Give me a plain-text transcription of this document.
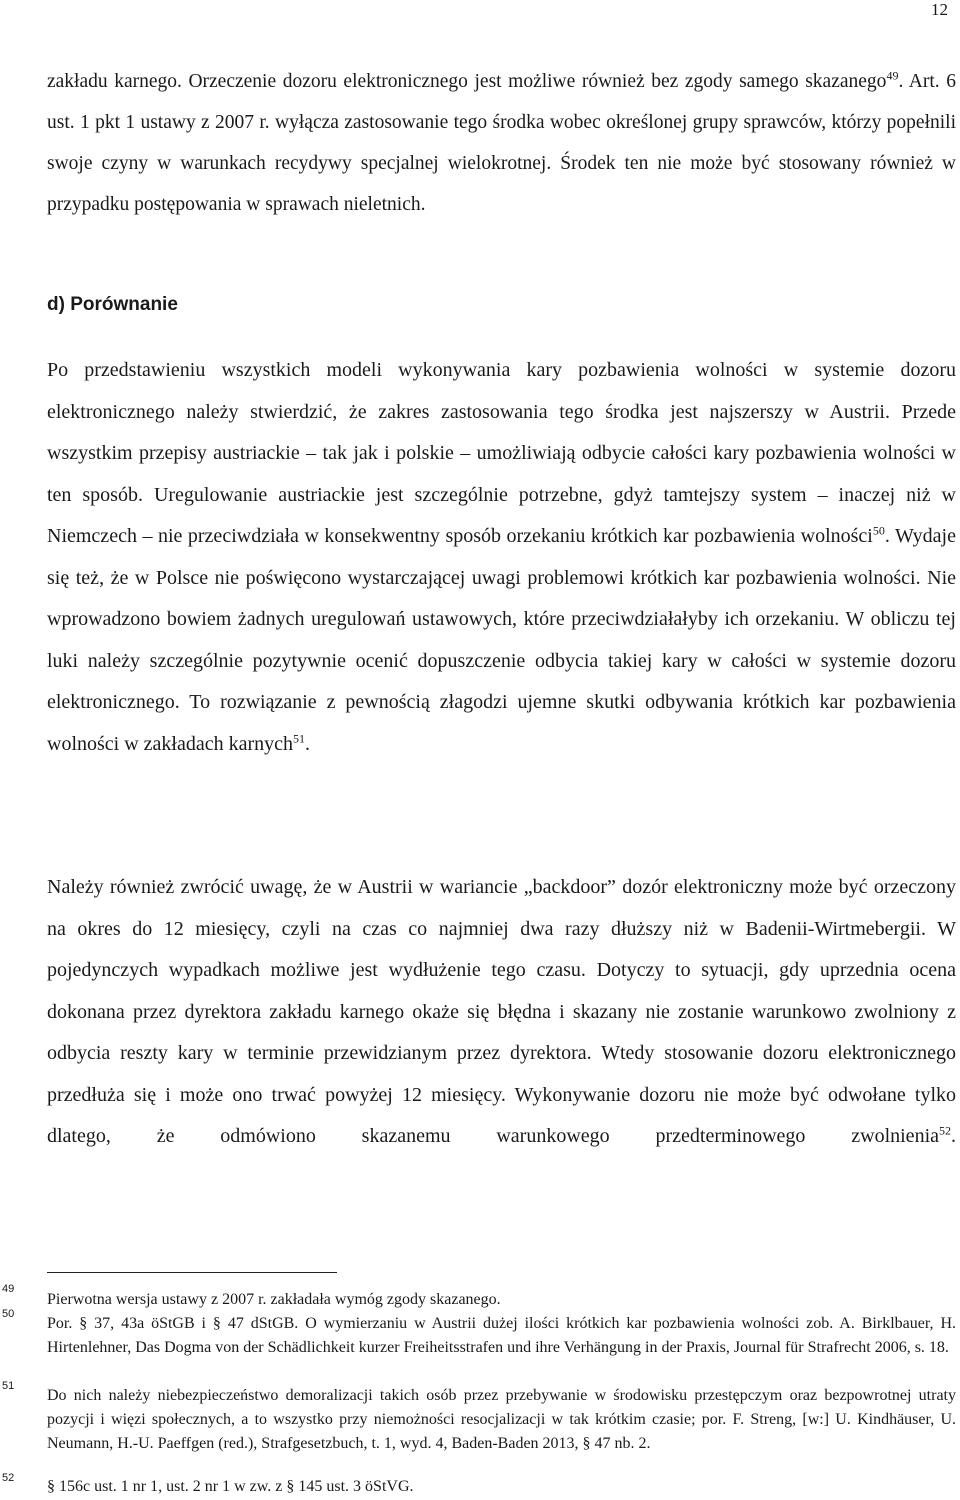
12

zakładu karnego. Orzeczenie dozoru elektronicznego jest możliwe również bez zgody samego skazanego$^{49}$. Art. 6 ust. 1 pkt 1 ustawy z 2007 r. wyłącza zastosowanie tego środka wobec określonej grupy sprawców, którzy popełnili swoje czyny w warunkach recydywy specjalnej wielokrotnej. Środek ten nie może być stosowany również w przypadku postępowania w sprawach nieletnich.

d) Porównanie

Po przedstawieniu wszystkich modeli wykonywania kary pozbawienia wolności w systemie dozoru elektronicznego należy stwierdzić, że zakres zastosowania tego środka jest najszerszy w Austrii. Przede wszystkim przepisy austriackie – tak jak i polskie – umożliwiają odbycie całości kary pozbawienia wolności w ten sposób. Uregulowanie austriackie jest szczególnie potrzebne, gdyż tamtejszy system – inaczej niż w Niemczech – nie przeciwdziała w konsekwentny sposób orzekaniu krótkich kar pozbawienia wolności$^{50}$. Wydaje się też, że w Polsce nie poświęcono wystarczającej uwagi problemowi krótkich kar pozbawienia wolności. Nie wprowadzono bowiem żadnych uregulowań ustawowych, które przeciwdziałałyby ich orzekaniu. W obliczu tej luki należy szczególnie pozytywnie ocenić dopuszczenie odbycia takiej kary w całości w systemie dozoru elektronicznego. To rozwiązanie z pewnością złagodzi ujemne skutki odbywania krótkich kar pozbawienia wolności w zakładach karnych$^{51}$.

Należy również zwrócić uwagę, że w Austrii w wariancie „backdoor” dozór elektroniczny może być orzeczony na okres do 12 miesięcy, czyli na czas co najmniej dwa razy dłuższy niż w Badenii-Wirtmebergii. W pojedynczych wypadkach możliwe jest wydłużenie tego czasu. Dotyczy to sytuacji, gdy uprzednia ocena dokonana przez dyrektora zakładu karnego okaże się błędna i skazany nie zostanie warunkowo zwolniony z odbycia reszty kary w terminie przewidzianym przez dyrektora. Wtedy stosowanie dozoru elektronicznego przedłuża się i może ono trwać powyżej 12 miesięcy. Wykonywanie dozoru nie może być odwołane tylko dlatego, że odmówiono skazanemu warunkowego przedterminowego zwolnienia$^{52}$.

49

Pierwotna wersja ustawy z 2007 r. zakładała wymóg zgody skazanego.

50

Por. § 37, 43a öStGB i § 47 dStGB. O wymierzaniu w Austrii dużej ilości krótkich kar pozbawienia wolności zob. A. Birklbauer, H. Hirtenlehner, Das Dogma von der Schädlichkeit kurzer Freiheitsstrafen und ihre Verhängung in der Praxis, Journal für Strafrecht 2006, s. 18.

51

Do nich należy niebezpieczeństwo demoralizacji takich osób przez przebywanie w środowisku przestępczym oraz bezpowrotnej utraty pozycji i więzi społecznych, a to wszystko przy niemożności resocjalizacji w tak krótkim czasie; por. F. Streng, [w:] U. Kindhäuser, U. Neumann, H.-U. Paeffgen (red.), Strafgesetzbuch, t. 1, wyd. 4, Baden-Baden 2013, § 47 nb. 2.

52 § 156c ust. 1 nr 1, ust. 2 nr 1 w zw. z § 145 ust. 3 öStVG.
